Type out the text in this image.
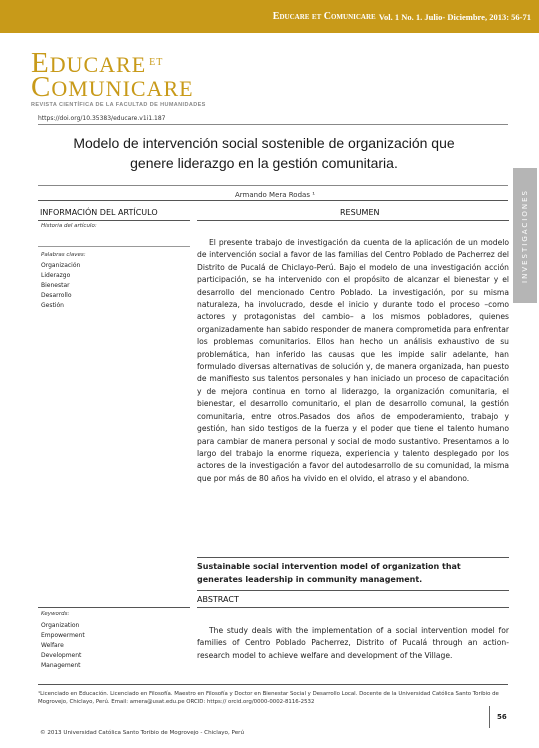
Educare et Comunicare Vol. 1 No. 1. Julio- Diciembre, 2013: 56-71
EDUCARE $^{ET}$
COMUNICARE
REVISTA CIENTÍFICA DE LA FACULTAD DE HUMANIDADES
https://doi.org/10.35383/educare.v1i1.187
Modelo de intervención social sostenible de organización que
genere liderazgo en la gestión comunitaria.
Armando Mera Rodas ¹	INVESTIGACIONES
INFORMACIÓN DEL ARTÍCULO
Historia del artículo:
Palabras claves:
Organización
Liderazgo
Bienestar
Desarrollo
Gestión
RESUMEN
El presente trabajo de investigación da cuenta de la aplicación de un modelo de intervención social a favor de las familias del Centro Poblado de Pacherrez del Distrito de Pucalá de Chiclayo-Perú. Bajo el modelo de una investigación acción participación, se ha intervenido con el propósito de alcanzar el bienestar y el desarrollo del mencionado Centro Poblado. La investigación, por su misma naturaleza, ha involucrado, desde el inicio y durante todo el proceso –como actores y protagonistas del cambio– a los mismos pobladores, quienes organizadamente han sabido responder de manera comprometida para enfrentar los problemas comunitarios. Ellos han hecho un análisis exhaustivo de su problemática, han inferido las causas que les impide salir adelante, han formulado diversas alternativas de solución y, de manera organizada, han puesto de manifiesto sus talentos personales y han iniciado un proceso de capacitación y de mejora continua en torno al liderazgo, la organización comunitaria, el bienestar, el desarrollo comunitario, el plan de desarrollo comunal, la gestión comunitaria, entre otros.Pasados dos años de empoderamiento, trabajo y gestión, han sido testigos de la fuerza y el poder que tiene el talento humano para cambiar de manera personal y social de modo sustantivo. Presentamos a lo largo del trabajo la enorme riqueza, experiencia y talento desplegado por los actores de la investigación a favor del autodesarrollo de su comunidad, la misma que por más de 80 años ha vivido en el olvido, el atraso y el abandono.
Sustainable social intervention model of organization that generates leadership in community management.
ABSTRACT
Keywords:
Organization
Empowerment
Welfare
Development
Management
The study deals with the implementation of a social intervention model for families of Centro Poblado Pacherrez, Distrito of Pucalá through an action-research model to achieve welfare and development of the Village.
¹Licenciado en Educación. Licenciado en Filosofía. Maestro en Filosofía y Doctor en Bienestar Social y Desarrollo Local. Docente de la Universidad Católica Santo Toribio de Mogrovejo, Chiclayo, Perú. Email: amera@usat.edu.pe ORCID: https:// orcid.org/0000-0002-8116-2532
56
© 2013 Universidad Católica Santo Toribio de Mogrovejo - Chiclayo, Perú
